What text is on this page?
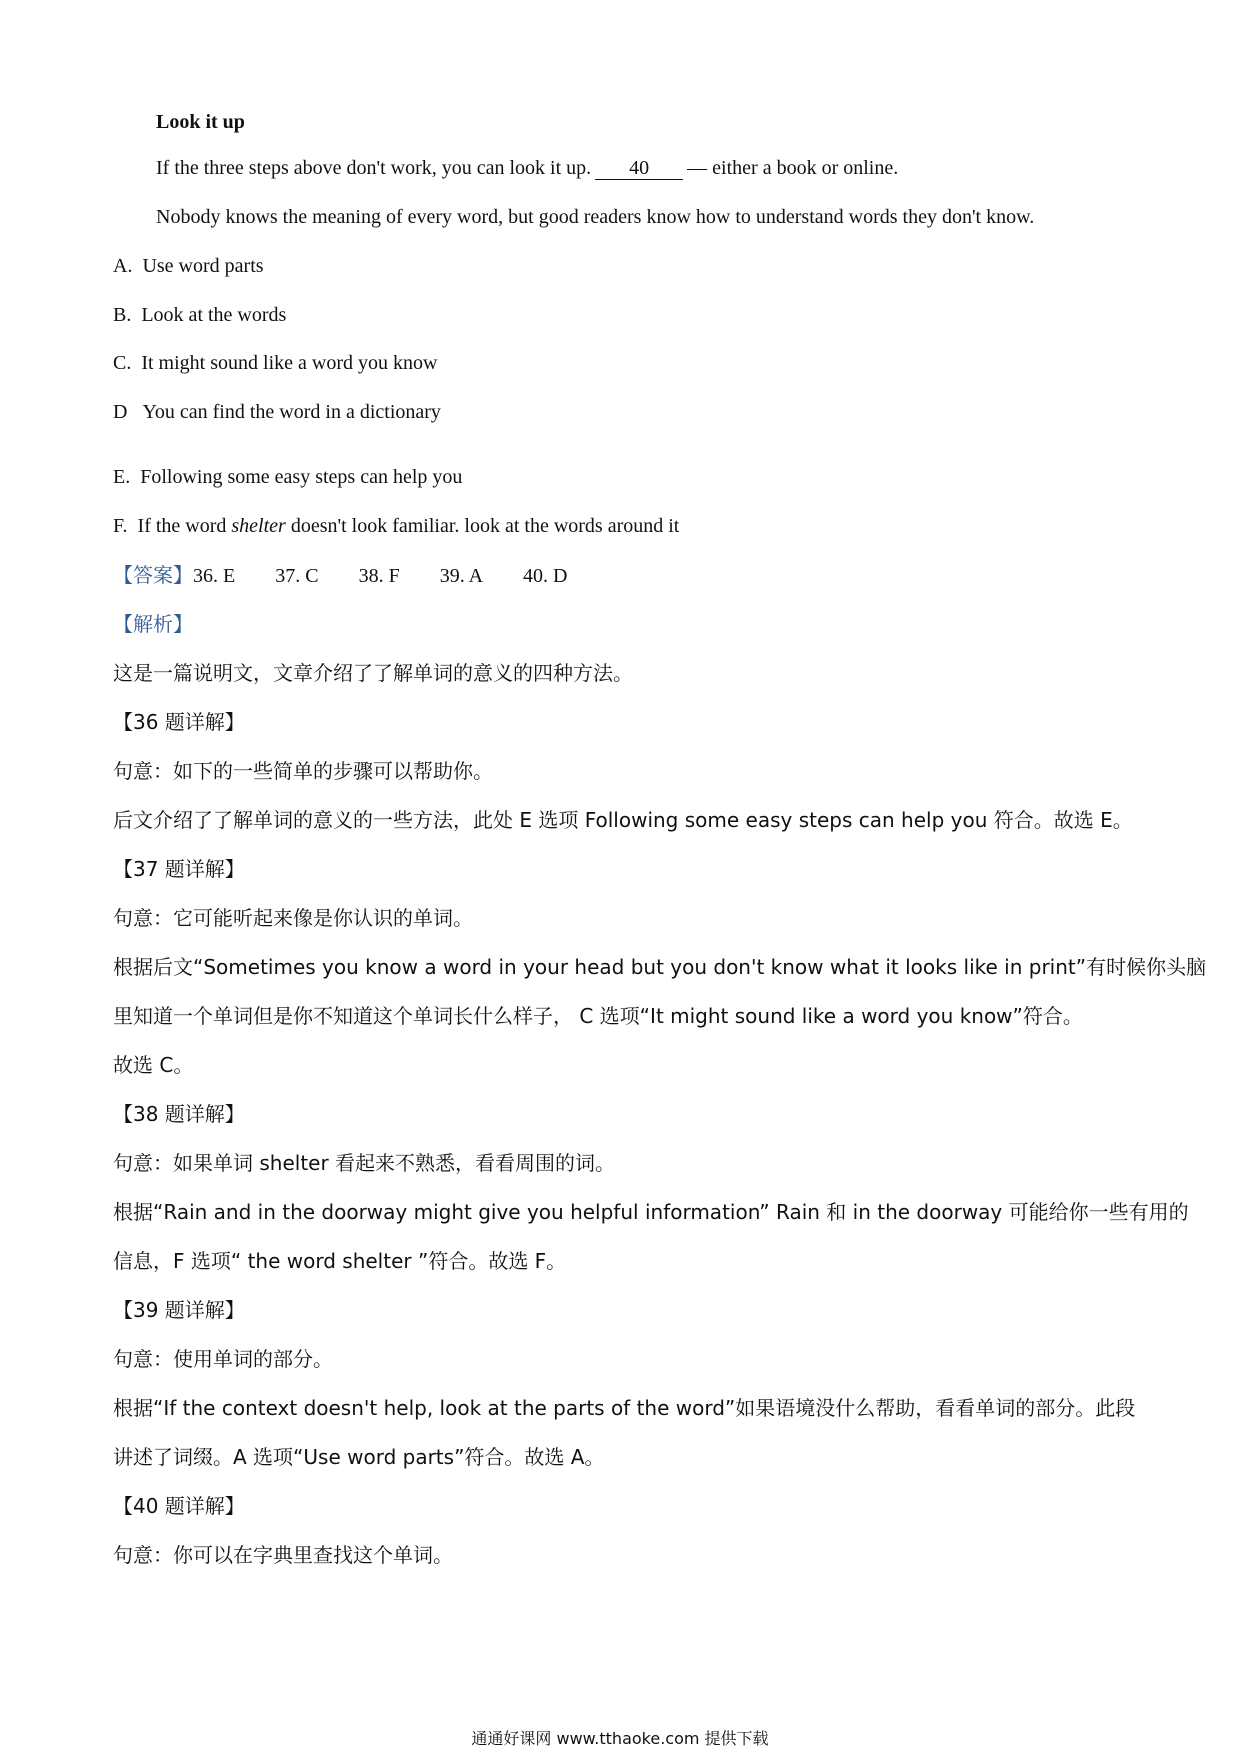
Look it up
If the three steps above don't work, you can look it up. 40 — either a book or online.
Nobody knows the meaning of every word, but good readers know how to understand words they don't know.
A. Use word parts
B. Look at the words
C. It might sound like a word you know
D You can find the word in a dictionary
E. Following some easy steps can help you
F. If the word shelter doesn't look familiar. look at the words around it
【答案】36. E 37. C 38. F 39. A 40. D
【解析】
这是一篇说明文，文章介绍了了解单词的意义的四种方法。
【36 题详解】
句意：如下的一些简单的步骤可以帮助你。
后文介绍了了解单词的意义的一些方法，此处 E 选项 Following some easy steps can help you 符合。故选 E。
【37 题详解】
句意：它可能听起来像是你认识的单词。
根据后文“Sometimes you know a word in your head but you don't know what it looks like in print”有时候你头脑
里知道一个单词但是你不知道这个单词长什么样子， C 选项“It might sound like a word you know”符合。
故选 C。
【38 题详解】
句意：如果单词 shelter 看起来不熟悉，看看周围的词。
根据“Rain and in the doorway might give you helpful information” Rain 和 in the doorway 可能给你一些有用的
信息，F 选项“ the word shelter ”符合。故选 F。
【39 题详解】
句意：使用单词的部分。
根据“If the context doesn't help, look at the parts of the word”如果语境没什么帮助，看看单词的部分。此段
讲述了词缀。A 选项“Use word parts”符合。故选 A。
【40 题详解】
句意：你可以在字典里查找这个单词。
通通好课网 www.tthaoke.com 提供下载
